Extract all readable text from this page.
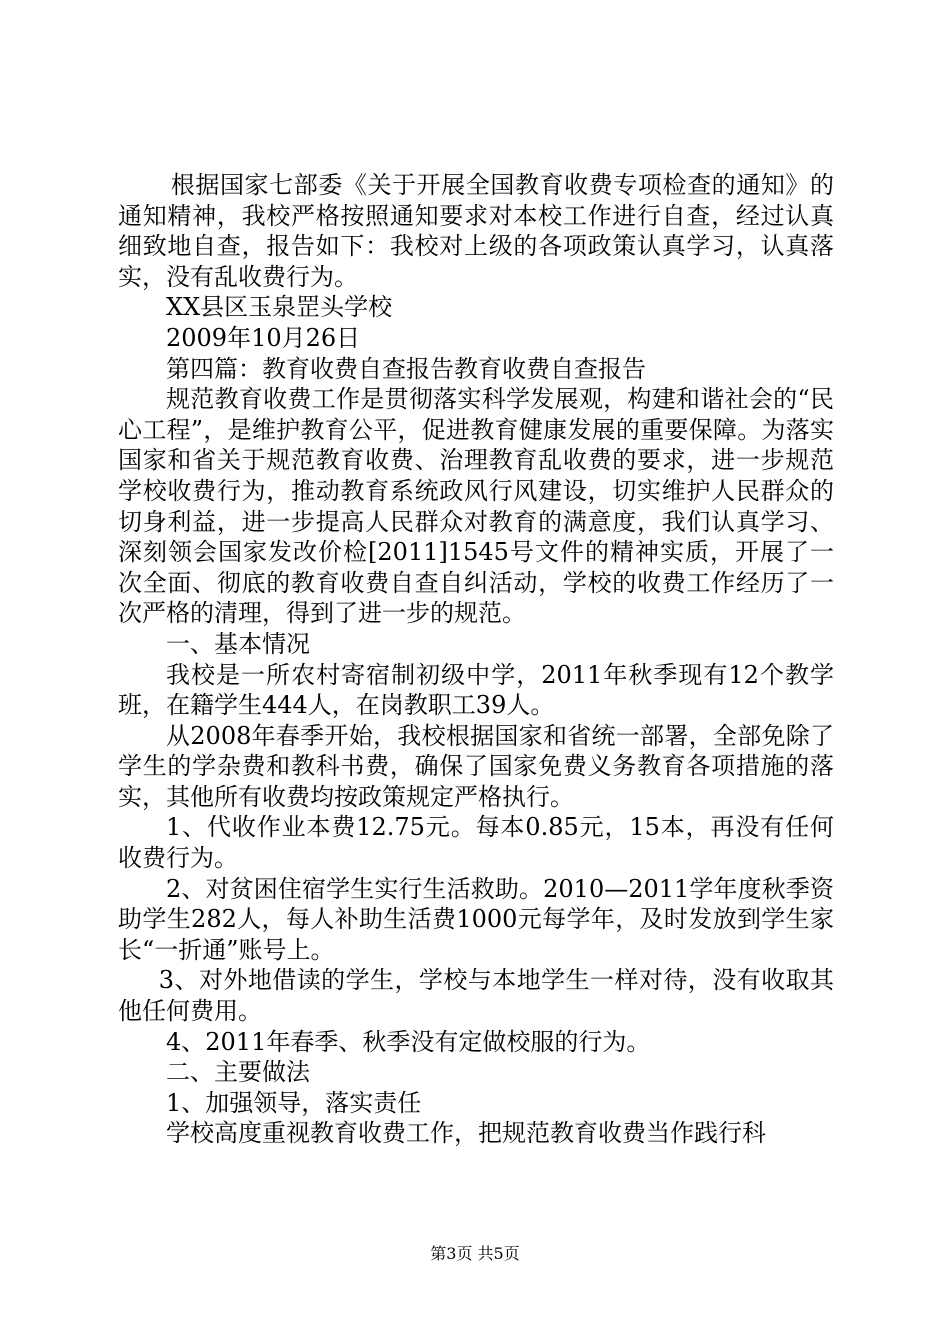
根据国家七部委《关于开展全国教育收费专项检查的通知》的通知精神，我校严格按照通知要求对本校工作进行自查，经过认真细致地自查，报告如下：我校对上级的各项政策认真学习，认真落实，没有乱收费行为。

XX县区玉泉罡头学校

2009年10月26日

第四篇：教育收费自查报告教育收费自查报告

规范教育收费工作是贯彻落实科学发展观，构建和谐社会的“民心工程”，是维护教育公平，促进教育健康发展的重要保障。为落实国家和省关于规范教育收费、治理教育乱收费的要求，进一步规范学校收费行为，推动教育系统政风行风建设，切实维护人民群众的切身利益，进一步提高人民群众对教育的满意度，我们认真学习、深刻领会国家发改价检[2011]1545号文件的精神实质，开展了一次全面、彻底的教育收费自查自纠活动，学校的收费工作经历了一次严格的清理，得到了进一步的规范。

一、基本情况

我校是一所农村寄宿制初级中学，2011年秋季现有12个教学班，在籍学生444人，在岗教职工39人。

从2008年春季开始，我校根据国家和省统一部署，全部免除了学生的学杂费和教科书费，确保了国家免费义务教育各项措施的落实，其他所有收费均按政策规定严格执行。

1、代收作业本费12.75元。每本0.85元，15本，再没有任何收费行为。

2、对贫困住宿学生实行生活救助。2010—2011学年度秋季资助学生282人，每人补助生活费1000元每学年，及时发放到学生家长“一折通”账号上。

3、对外地借读的学生，学校与本地学生一样对待，没有收取其他任何费用。

4、2011年春季、秋季没有定做校服的行为。

二、主要做法

1、加强领导，落实责任

学校高度重视教育收费工作，把规范教育收费当作践行科

第3页 共5页
